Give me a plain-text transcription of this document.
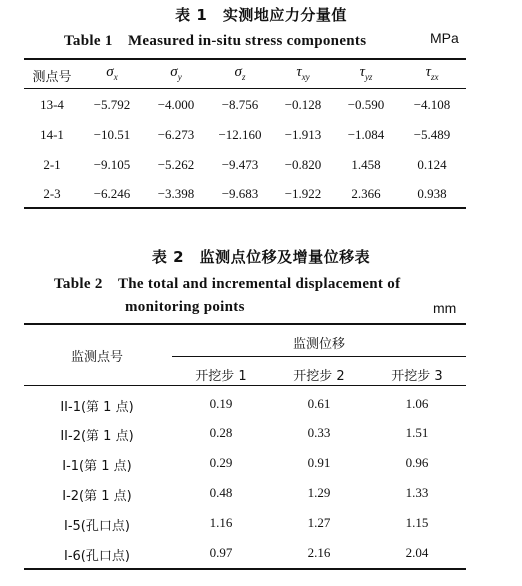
表 1　实测地应力分量值
Table 1　Measured in-situ stress components	MPa
测点号	$\sigma_x$	$\sigma_y$	$\sigma_z$	$\tau_{xy}$	$\tau_{yz}$	$\tau_{zx}$
13-4	−5.792	−4.000	−8.756	−0.128	−0.590	−4.108
14-1	−10.51	−6.273	−12.160	−1.913	−1.084	−5.489
2-1	−9.105	−5.262	−9.473	−0.820	1.458	0.124
2-3	−6.246	−3.398	−9.683	−1.922	2.366	0.938
表 2　监测点位移及增量位移表
Table 2　The total and incremental displacement of
monitoring points	mm
监测点号
监测位移
开挖步 1	开挖步 2	开挖步 3
II-1(第 1 点)	0.19	0.61	1.06
II-2(第 1 点)	0.28	0.33	1.51
I-1(第 1 点)	0.29	0.91	0.96
I-2(第 1 点)	0.48	1.29	1.33
I-5(孔口点)	1.16	1.27	1.15
I-6(孔口点)	0.97	2.16	2.04
